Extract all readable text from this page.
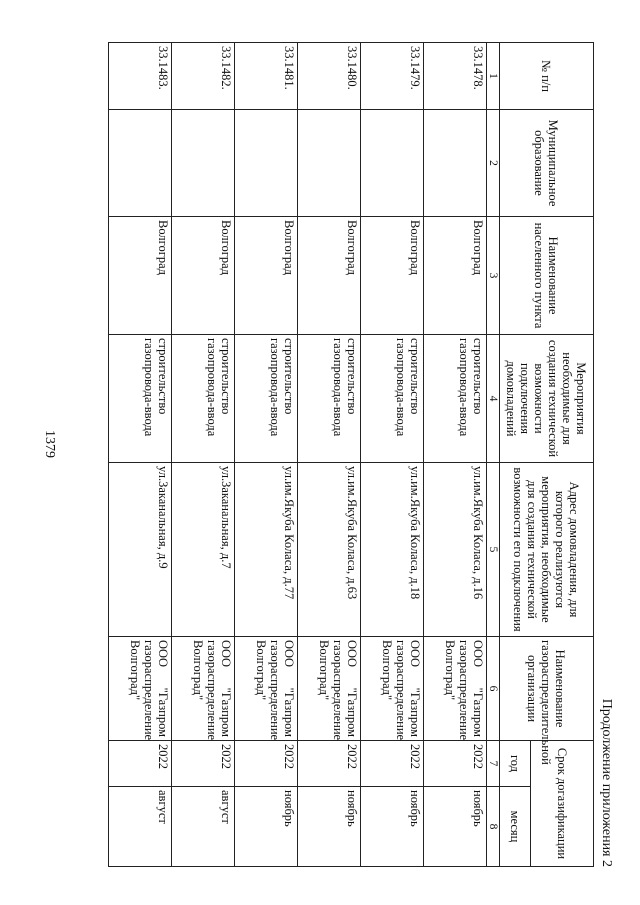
1379
Продолжение приложения 2
№ п/п	Муниципальное образование	Наименование населенного пункта	Мероприятия необходимые для создания технической возможности подключения домовладений	Адрес домовладения, для которого реализуются мероприятия, необходимые для создания технической возможности его подключения	Наименование газораспределительной организации	Срок догазификации	
						год	месяц
1	2	3	4	5	6	7	8
33.1478.		Волгоград	строительство газопровода-ввода	ул.им.Якуба Коласа, д.16	ООО "Газпром газораспределение Волгоград"	2022	ноябрь
33.1479.		Волгоград	строительство газопровода-ввода	ул.им.Якуба Коласа, д.18	ООО "Газпром газораспределение Волгоград"	2022	ноябрь
33.1480.		Волгоград	строительство газопровода-ввода	ул.им.Якуба Коласа, д.63	ООО "Газпром газораспределение Волгоград"	2022	ноябрь
33.1481.		Волгоград	строительство газопровода-ввода	ул.им.Якуба Коласа, д.77	ООО "Газпром газораспределение Волгоград"	2022	ноябрь
33.1482.		Волгоград	строительство газопровода-ввода	ул.Заканальная, д.7	ООО "Газпром газораспределение Волгоград"	2022	август
33.1483.		Волгоград	строительство газопровода-ввода	ул.Заканальная, д.9	ООО "Газпром газораспределение Волгоград"	2022	август
